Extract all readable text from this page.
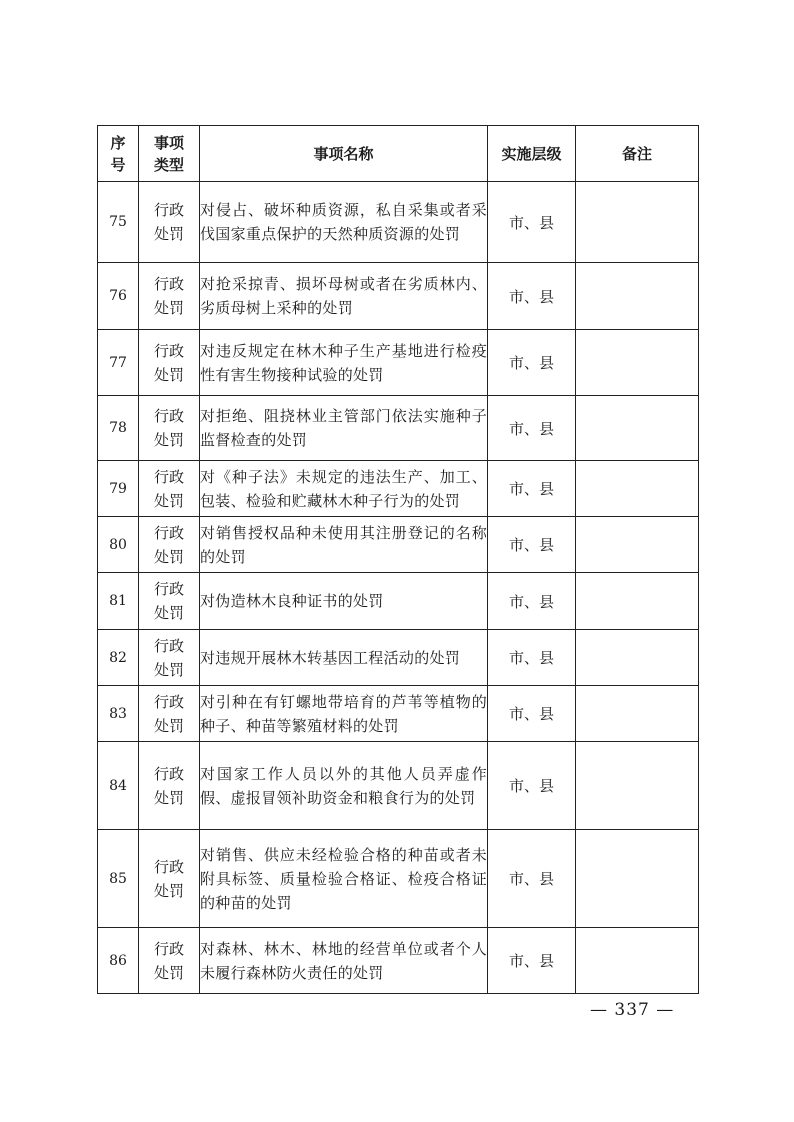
序
号	事项
类型	事项名称	实施层级	备注
75	行政
处罚	对侵占、破坏种质资源，私自采集或者采伐国家重点保护的天然种质资源的处罚	市、县	
76	行政
处罚	对抢采掠青、损坏母树或者在劣质林内、劣质母树上采种的处罚	市、县	
77	行政
处罚	对违反规定在林木种子生产基地进行检疫性有害生物接种试验的处罚	市、县	
78	行政
处罚	对拒绝、阻挠林业主管部门依法实施种子监督检查的处罚	市、县	
79	行政
处罚	对《种子法》未规定的违法生产、加工、包装、检验和贮藏林木种子行为的处罚	市、县	
80	行政
处罚	对销售授权品种未使用其注册登记的名称的处罚	市、县	
81	行政
处罚	对伪造林木良种证书的处罚	市、县	
82	行政
处罚	对违规开展林木转基因工程活动的处罚	市、县	
83	行政
处罚	对引种在有钉螺地带培育的芦苇等植物的种子、种苗等繁殖材料的处罚	市、县	
84	行政
处罚	对国家工作人员以外的其他人员弄虚作假、虚报冒领补助资金和粮食行为的处罚	市、县	
85	行政
处罚	对销售、供应未经检验合格的种苗或者未附具标签、质量检验合格证、检疫合格证的种苗的处罚	市、县	
86	行政
处罚	对森林、林木、林地的经营单位或者个人未履行森林防火责任的处罚	市、县	
— 337 —
